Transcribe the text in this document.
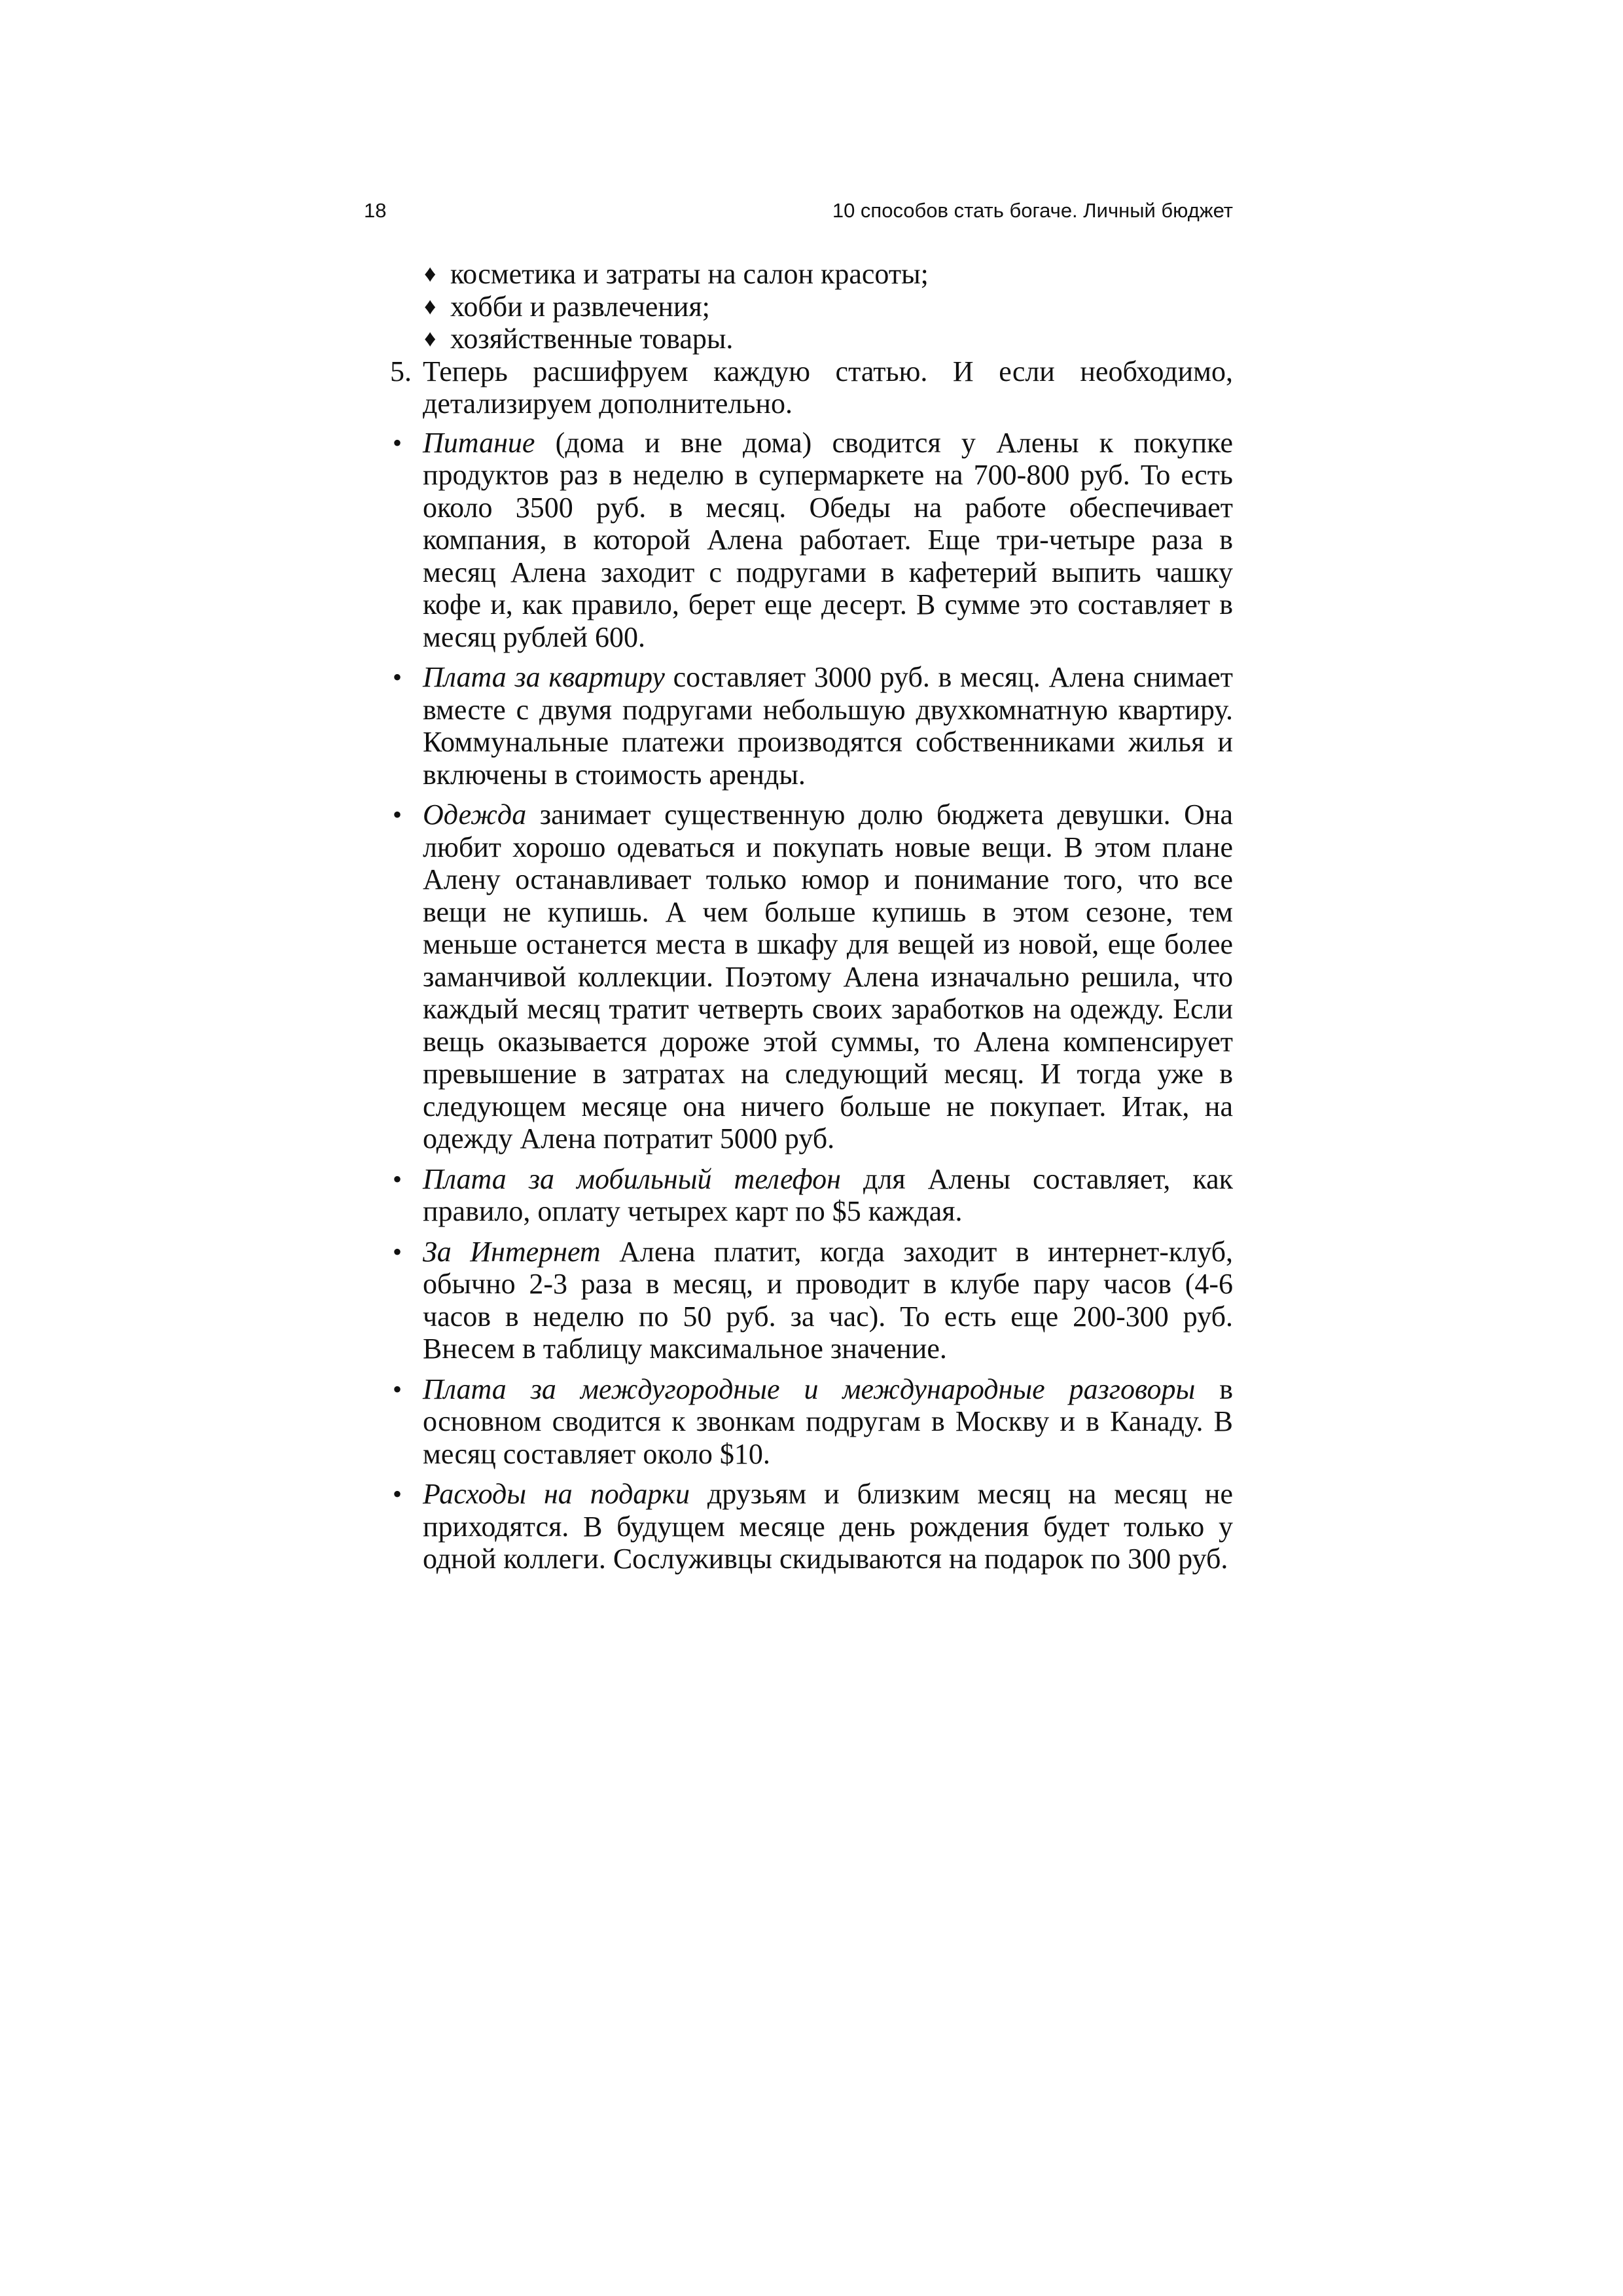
18	10 способов стать богаче. Личный бюджет
♦ косметика и затраты на салон красоты;
♦ хобби и развлечения;
♦ хозяйственные товары.
5. Теперь расшифруем каждую статью. И если необходимо, детализируем дополнительно.
• Питание (дома и вне дома) сводится у Алены к покупке продуктов раз в неделю в супермаркете на 700-800 руб. То есть около 3500 руб. в месяц. Обеды на работе обеспечивает компания, в которой Алена работает. Еще три-четыре раза в месяц Алена заходит с подругами в кафетерий выпить чашку кофе и, как правило, берет еще десерт. В сумме это составляет в месяц рублей 600.
• Плата за квартиру составляет 3000 руб. в месяц. Алена снимает вместе с двумя подругами небольшую двухкомнатную квартиру. Коммунальные платежи производятся собственниками жилья и включены в стоимость аренды.
• Одежда занимает существенную долю бюджета девушки. Она любит хорошо одеваться и покупать новые вещи. В этом плане Алену останавливает только юмор и понимание того, что все вещи не купишь. А чем больше купишь в этом сезоне, тем меньше останется места в шкафу для вещей из новой, еще более заманчивой коллекции. Поэтому Алена изначально решила, что каждый месяц тратит четверть своих заработков на одежду. Если вещь оказывается дороже этой суммы, то Алена компенсирует превышение в затратах на следующий месяц. И тогда уже в следующем месяце она ничего больше не покупает. Итак, на одежду Алена потратит 5000 руб.
• Плата за мобильный телефон для Алены составляет, как правило, оплату четырех карт по $5 каждая.
• За Интернет Алена платит, когда заходит в интернет-клуб, обычно 2-3 раза в месяц, и проводит в клубе пару часов (4-6 часов в неделю по 50 руб. за час). То есть еще 200-300 руб. Внесем в таблицу максимальное значение.
• Плата за междугородные и международные разговоры в основном сводится к звонкам подругам в Москву и в Канаду. В месяц составляет около $10.
• Расходы на подарки друзьям и близким месяц на месяц не приходятся. В будущем месяце день рождения будет только у одной коллеги. Сослуживцы скидываются на подарок по 300 руб.
